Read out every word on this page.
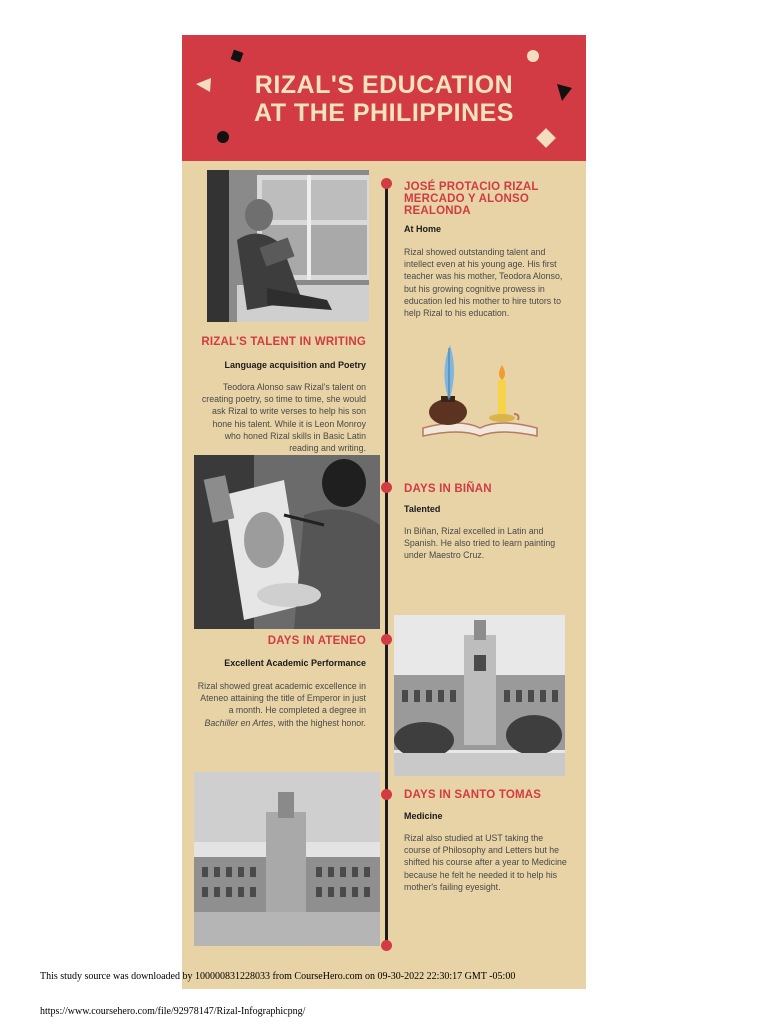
RIZAL'S EDUCATION
AT THE PHILIPPINES
JOSÉ PROTACIO RIZAL MERCADO Y ALONSO REALONDA
At Home

Rizal showed outstanding talent and intellect even at his young age. His first teacher was his mother, Teodora Alonso, but his growing cognitive prowess in education led his mother to hire tutors to help Rizal to his education.

RIZAL'S TALENT IN WRITING
Language acquisition and Poetry

Teodora Alonso saw Rizal's talent on creating poetry, so time to time, she would ask Rizal to write verses to help his son hone his talent. While it is Leon Monroy who honed Rizal skills in Basic Latin reading and writing.

DAYS IN BIÑAN
Talented

In Biñan, Rizal excelled in Latin and Spanish. He also tried to learn painting under Maestro Cruz.

DAYS IN ATENEO
Excellent Academic Performance

Rizal showed great academic excellence in Ateneo attaining the title of Emperor in just a month. He completed a degree in Bachiller en Artes, with the highest honor.

DAYS IN SANTO TOMAS
Medicine

Rizal also studied at UST taking the course of Philosophy and Letters but he shifted his course after a year to Medicine because he felt he needed it to help his mother's failing eyesight.

This study source was downloaded by 100000831228033 from CourseHero.com on 09-30-2022 22:30:17 GMT -05:00

https://www.coursehero.com/file/92978147/Rizal-Infographicpng/
